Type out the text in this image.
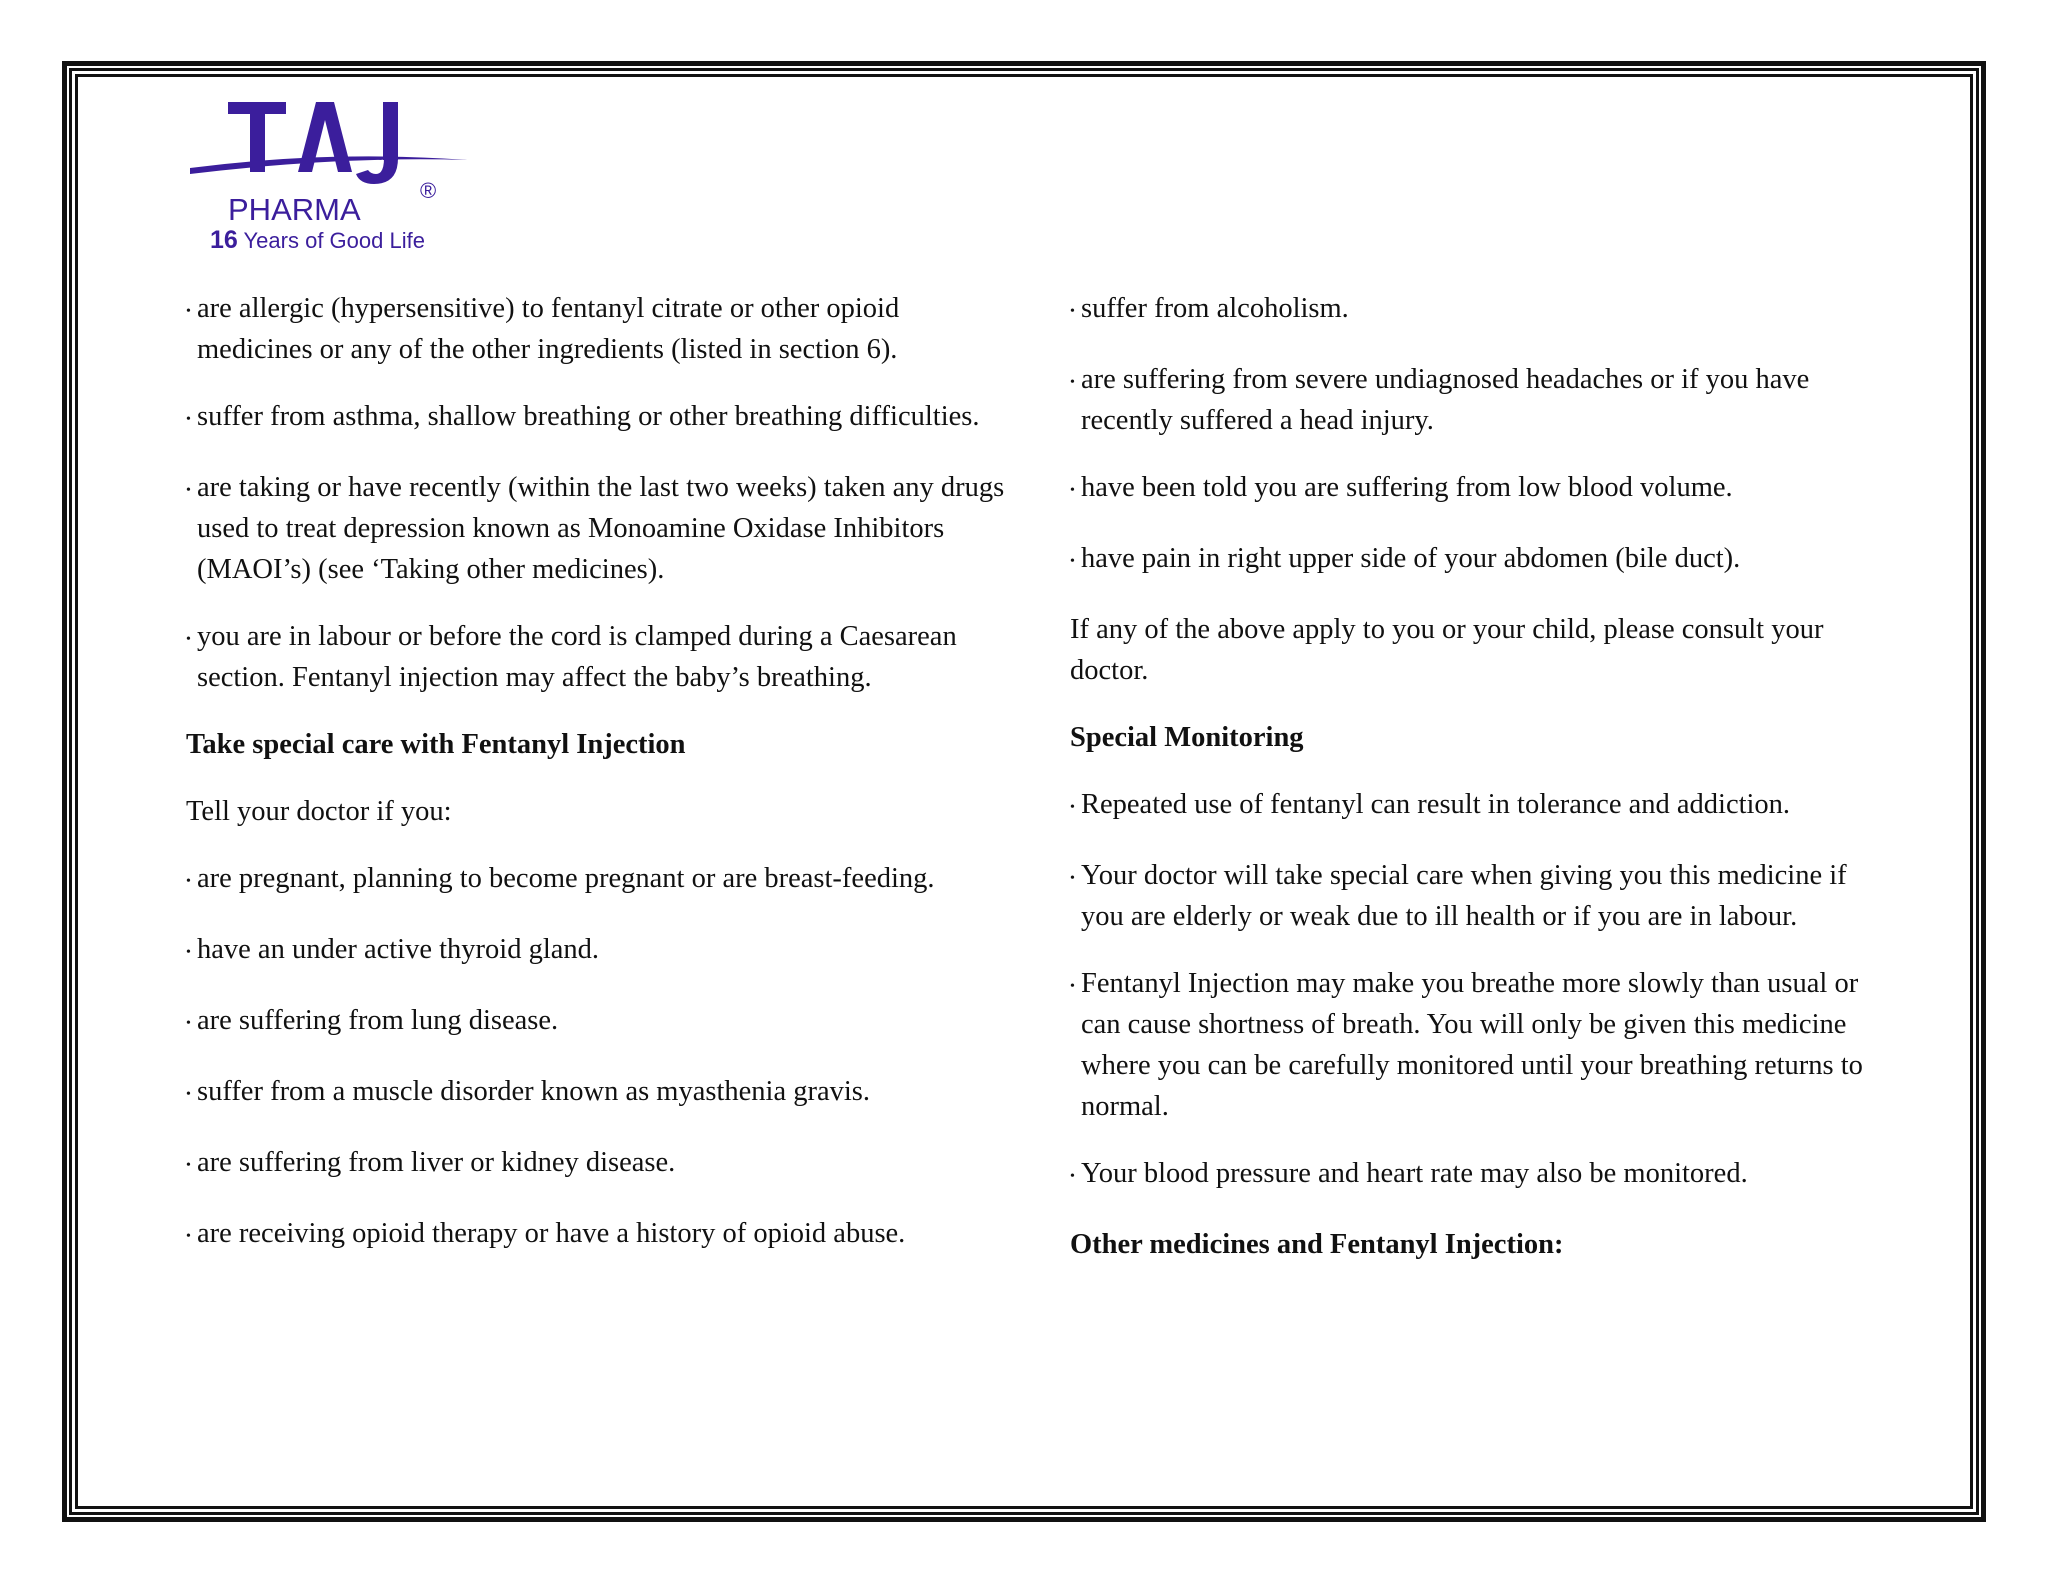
PHARMA
®
16 Years of Good Life
• are allergic (hypersensitive) to fentanyl citrate or other opioid medicines or any of the other ingredients (listed in section 6).
• suffer from asthma, shallow breathing or other breathing difficulties.
• are taking or have recently (within the last two weeks) taken any drugs used to treat depression known as Monoamine Oxidase Inhibitors (MAOI’s) (see ‘Taking other medicines).
• you are in labour or before the cord is clamped during a Caesarean section. Fentanyl injection may affect the baby’s breathing.
Take special care with Fentanyl Injection
Tell your doctor if you:
• are pregnant, planning to become pregnant or are breast-feeding.
• have an under active thyroid gland.
• are suffering from lung disease.
• suffer from a muscle disorder known as myasthenia gravis.
• are suffering from liver or kidney disease.
• are receiving opioid therapy or have a history of opioid abuse.
• suffer from alcoholism.
• are suffering from severe undiagnosed headaches or if you have recently suffered a head injury.
• have been told you are suffering from low blood volume.
• have pain in right upper side of your abdomen (bile duct).
If any of the above apply to you or your child, please consult your doctor.
Special Monitoring
• Repeated use of fentanyl can result in tolerance and addiction.
• Your doctor will take special care when giving you this medicine if you are elderly or weak due to ill health or if you are in labour.
• Fentanyl Injection may make you breathe more slowly than usual or can cause shortness of breath. You will only be given this medicine where you can be carefully monitored until your breathing returns to normal.
• Your blood pressure and heart rate may also be monitored.
Other medicines and Fentanyl Injection:
